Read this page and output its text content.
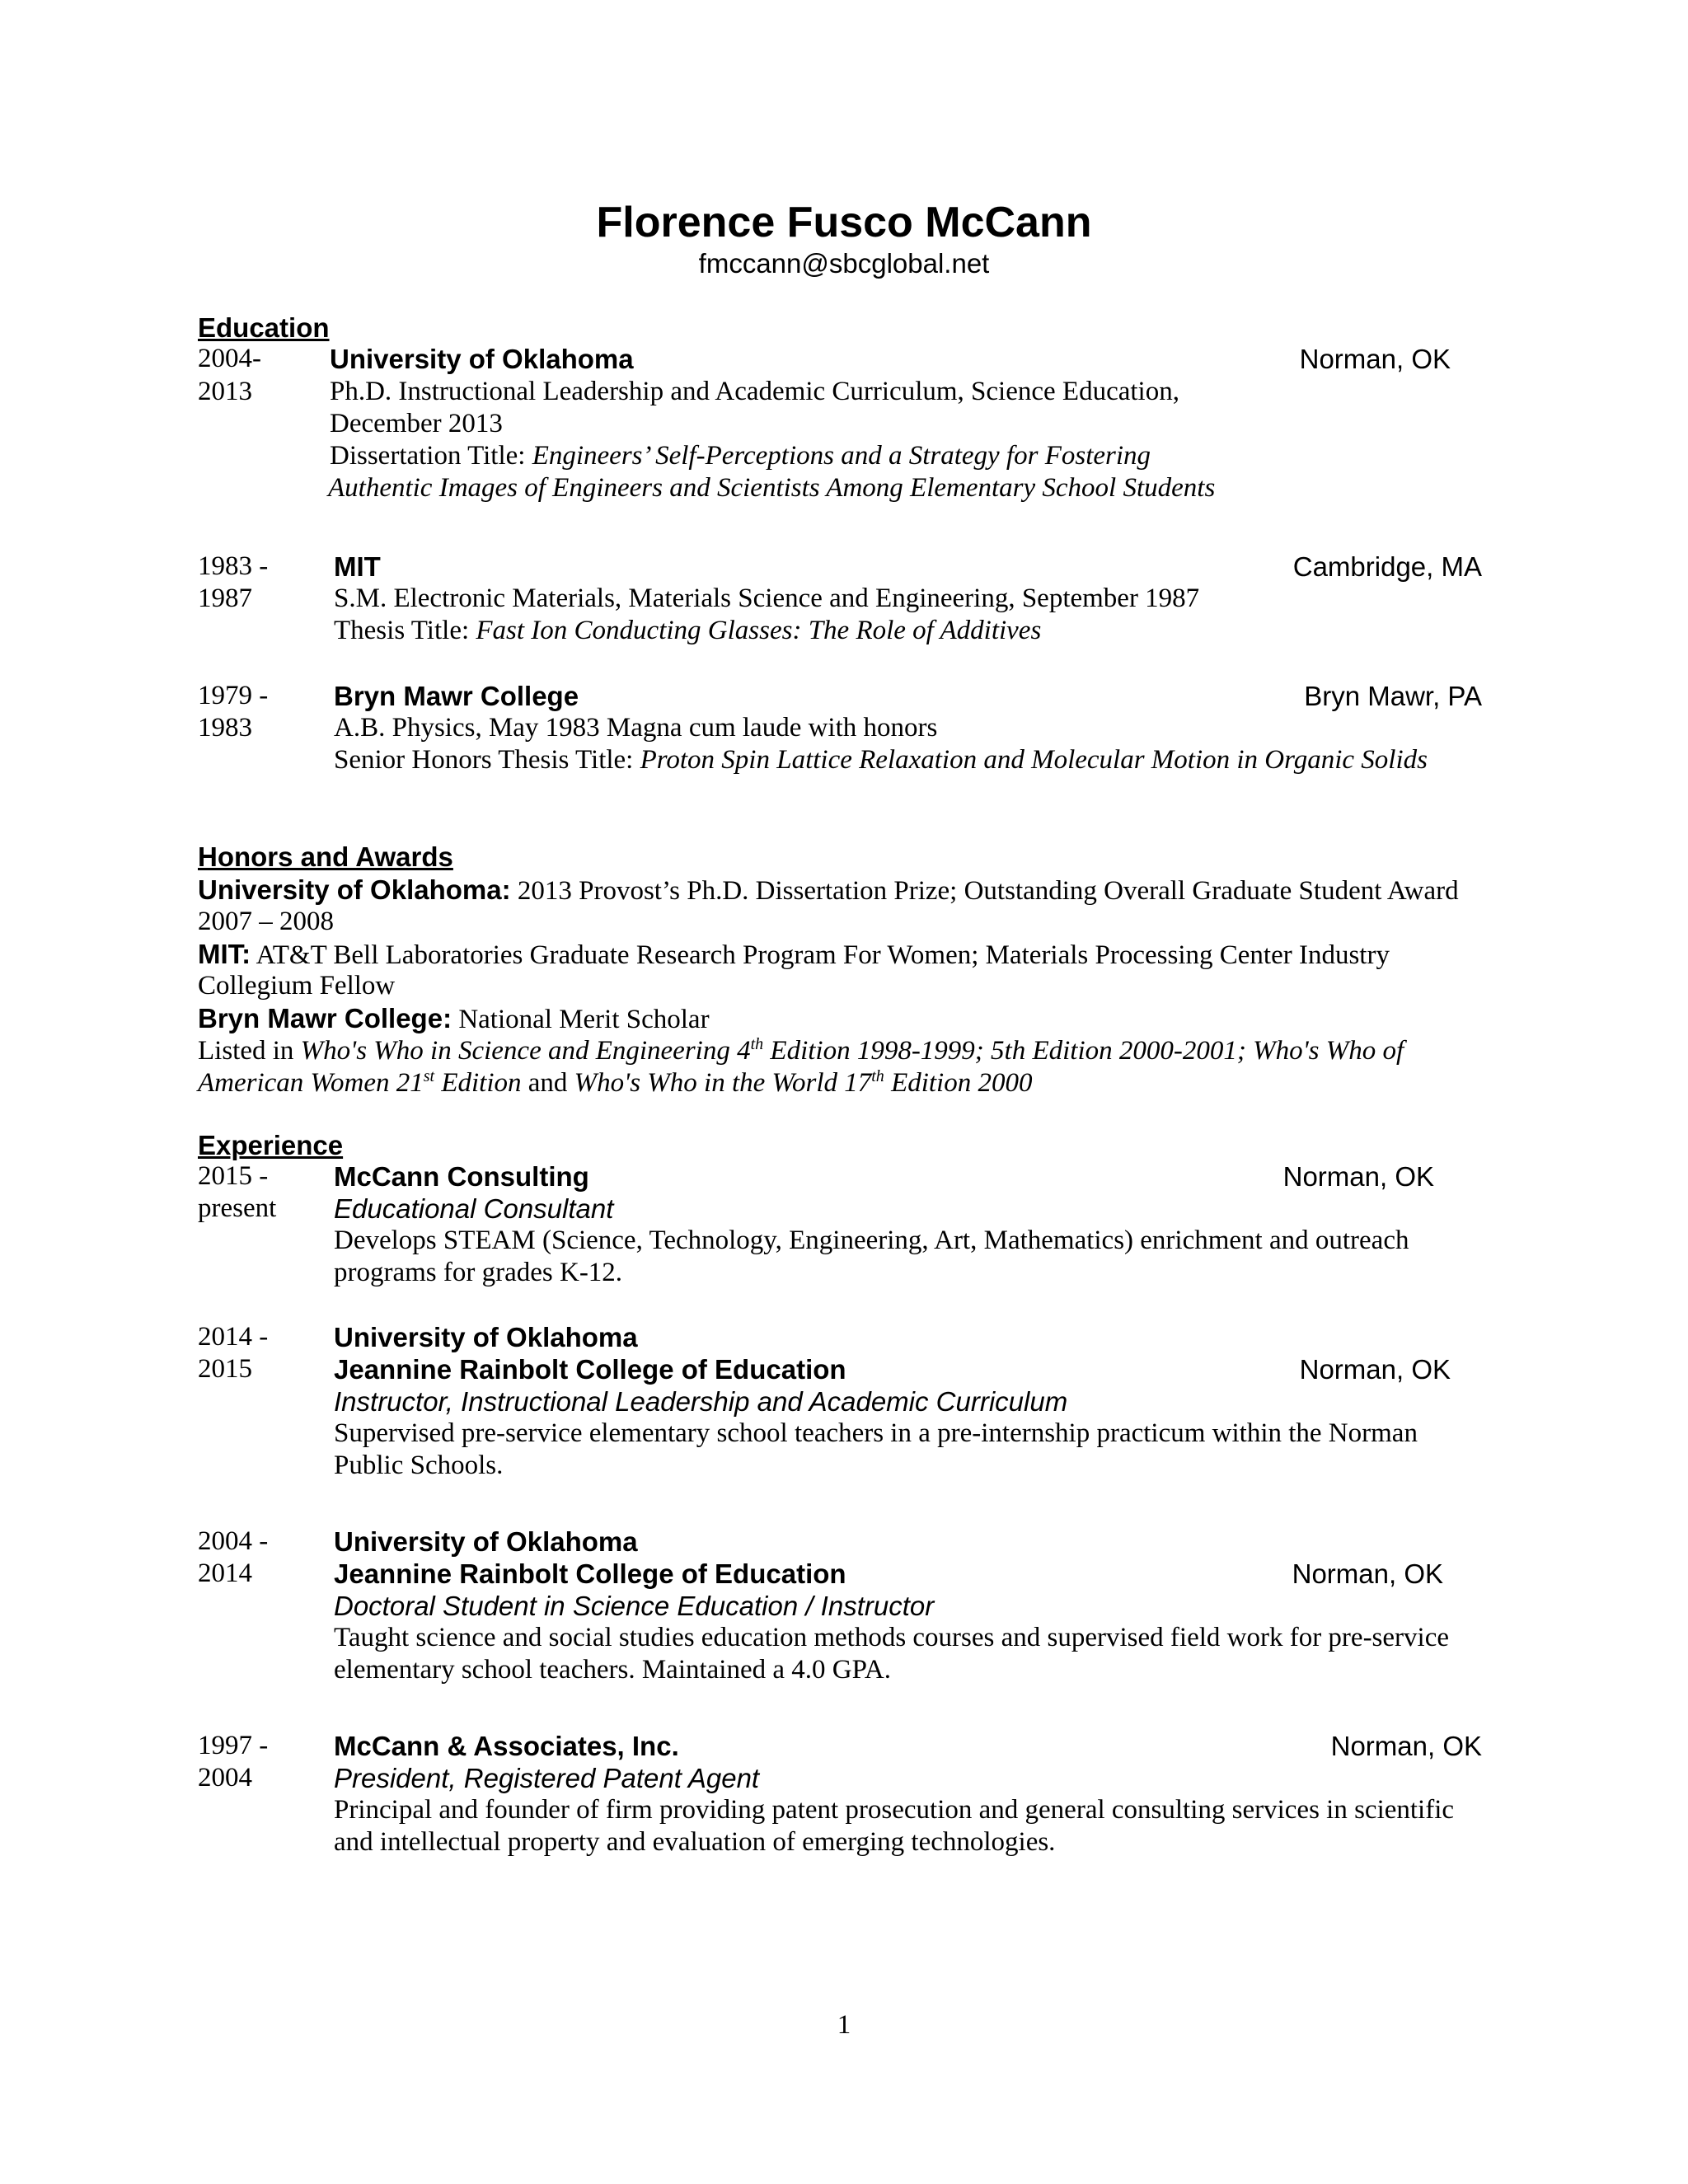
Florence Fusco McCann
fmccann@sbcglobal.net
Education
2004-
2013
University of Oklahoma	Norman, OK
Ph.D. Instructional Leadership and Academic Curriculum, Science Education,
December 2013
Dissertation Title: Engineers’ Self-Perceptions and a Strategy for Fostering
Authentic Images of Engineers and Scientists Among Elementary School Students
1983 -
1987
MIT	Cambridge, MA
S.M. Electronic Materials, Materials Science and Engineering, September 1987
Thesis Title: Fast Ion Conducting Glasses: The Role of Additives
1979 -
1983
Bryn Mawr College	Bryn Mawr, PA
A.B. Physics, May 1983 Magna cum laude with honors
Senior Honors Thesis Title: Proton Spin Lattice Relaxation and Molecular Motion in Organic Solids
Honors and Awards
University of Oklahoma: 2013 Provost’s Ph.D. Dissertation Prize; Outstanding Overall Graduate Student Award
2007 – 2008
MIT: AT&T Bell Laboratories Graduate Research Program For Women; Materials Processing Center Industry
Collegium Fellow
Bryn Mawr College: National Merit Scholar
Listed in Who's Who in Science and Engineering 4th Edition 1998-1999; 5th Edition 2000-2001; Who's Who of
American Women 21st Edition and Who's Who in the World 17th Edition 2000
Experience
2015 -
present
McCann Consulting	Norman, OK
Educational Consultant
Develops STEAM (Science, Technology, Engineering, Art, Mathematics) enrichment and outreach
programs for grades K-12.
2014 -
2015
University of Oklahoma
Jeannine Rainbolt College of Education	Norman, OK
Instructor, Instructional Leadership and Academic Curriculum
Supervised pre-service elementary school teachers in a pre-internship practicum within the Norman
Public Schools.
2004 -
2014
University of Oklahoma
Jeannine Rainbolt College of Education	Norman, OK
Doctoral Student in Science Education / Instructor
Taught science and social studies education methods courses and supervised field work for pre-service
elementary school teachers. Maintained a 4.0 GPA.
1997 -
2004
McCann & Associates, Inc.	Norman, OK
President, Registered Patent Agent
Principal and founder of firm providing patent prosecution and general consulting services in scientific
and intellectual property and evaluation of emerging technologies.
1
